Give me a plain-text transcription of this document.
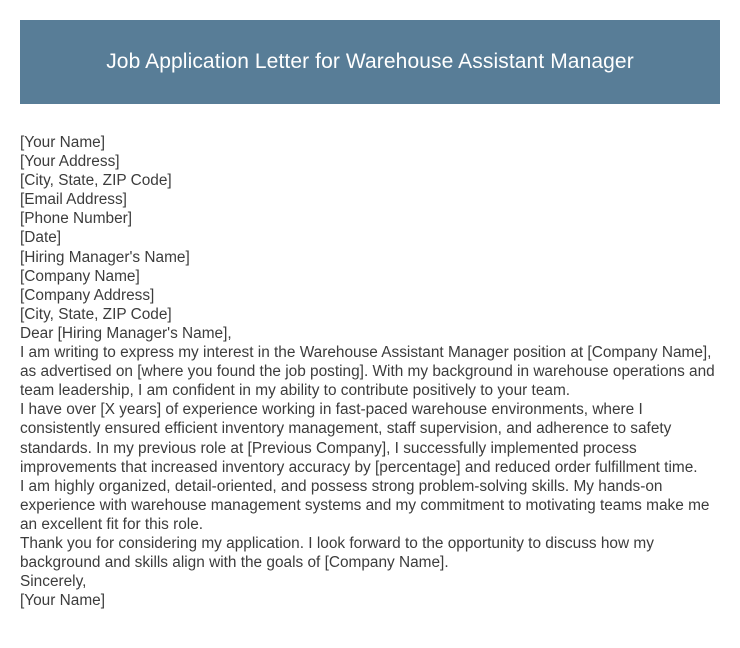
Job Application Letter for Warehouse Assistant Manager
[Your Name]
[Your Address]
[City, State, ZIP Code]
[Email Address]
[Phone Number]
[Date]
[Hiring Manager's Name]
[Company Name]
[Company Address]
[City, State, ZIP Code]
Dear [Hiring Manager's Name],

I am writing to express my interest in the Warehouse Assistant Manager position at [Company Name], as advertised on [where you found the job posting]. With my background in warehouse operations and team leadership, I am confident in my ability to contribute positively to your team.

I have over [X years] of experience working in fast-paced warehouse environments, where I consistently ensured efficient inventory management, staff supervision, and adherence to safety standards. In my previous role at [Previous Company], I successfully implemented process improvements that increased inventory accuracy by [percentage] and reduced order fulfillment time.

I am highly organized, detail-oriented, and possess strong problem-solving skills. My hands-on experience with warehouse management systems and my commitment to motivating teams make me an excellent fit for this role.

Thank you for considering my application. I look forward to the opportunity to discuss how my background and skills align with the goals of [Company Name].

Sincerely,
[Your Name]
